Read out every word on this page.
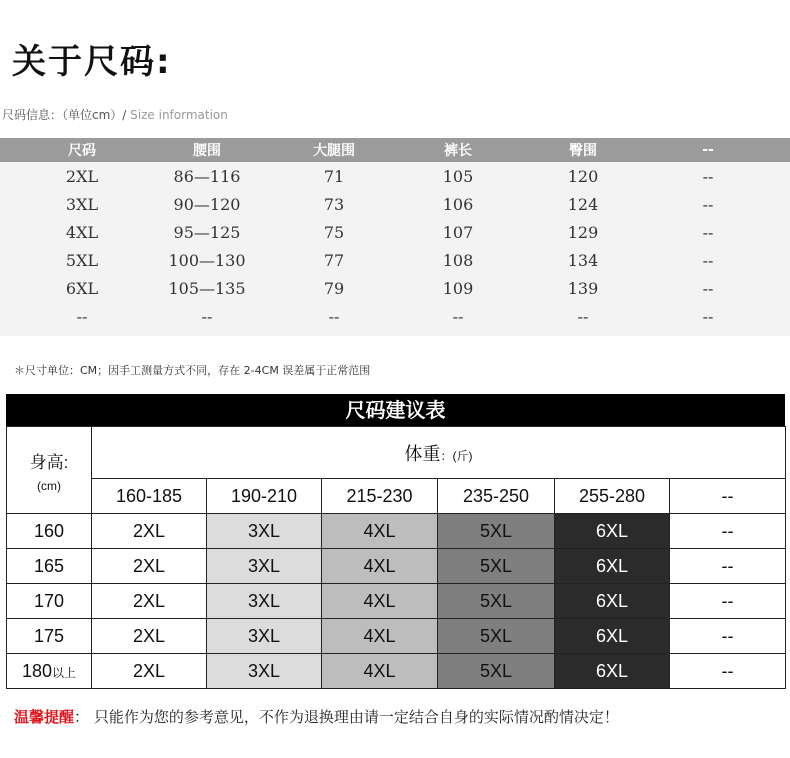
关于尺码:
尺码信息：（单位cm）/ Size information
尺码	腰围	大腿围	裤长	臀围	--
2XL	86—116	71	105	120	--
3XL	90—120	73	106	124	--
4XL	95—125	75	107	129	--
5XL	100—130	77	108	134	--
6XL	105—135	79	109	139	--
--	--	--	--	--	--
＊尺寸单位：CM；因手工测量方式不同，存在 2-4CM 误差属于正常范围
尺码建议表
身高:
(cm)	体重：(斤)					
	160-185	190-210	215-230	235-250	255-280	--
160	2XL	3XL	4XL	5XL	6XL	--
165	2XL	3XL	4XL	5XL	6XL	--
170	2XL	3XL	4XL	5XL	6XL	--
175	2XL	3XL	4XL	5XL	6XL	--
180以上	2XL	3XL	4XL	5XL	6XL	--
温馨提醒： 只能作为您的参考意见，不作为退换理由请一定结合自身的实际情况酌情决定！
